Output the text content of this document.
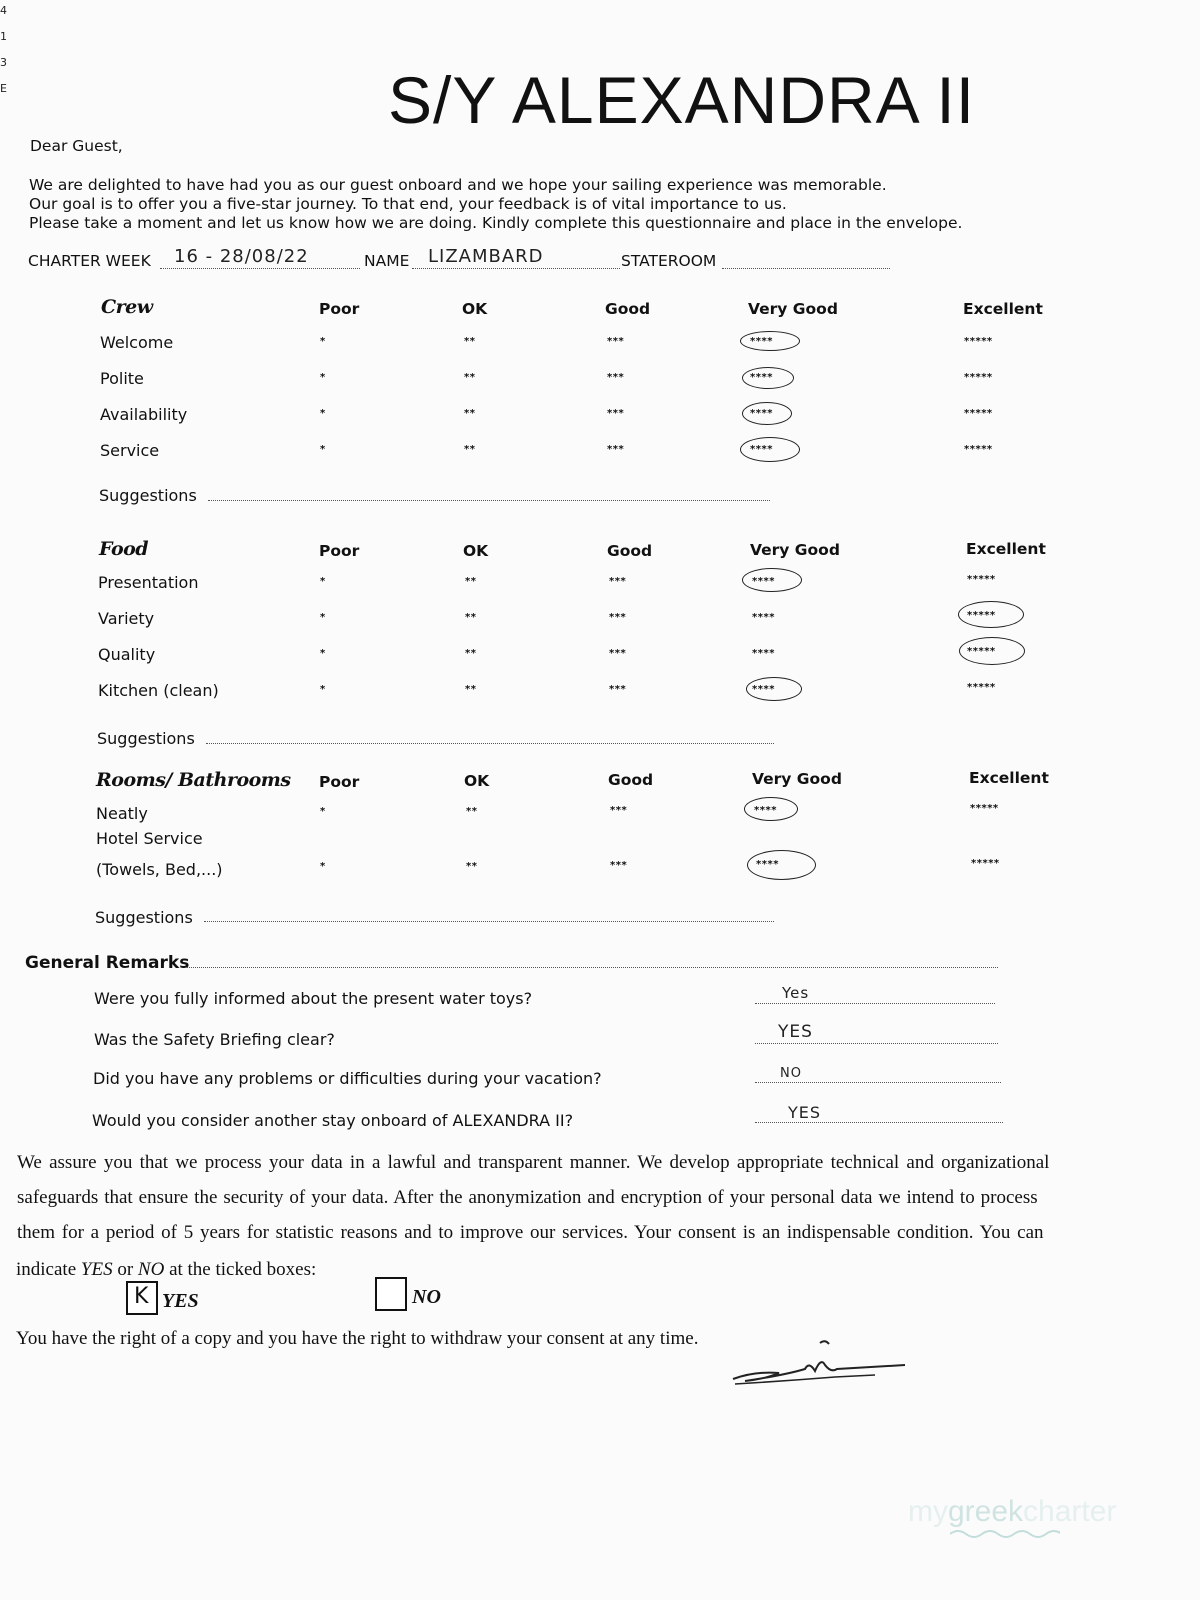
4
1
3
E	S/Y ALEXANDRA II
Dear Guest,
We are delighted to have had you as our guest onboard and we hope your sailing experience was memorable.
Our goal is to offer you a five-star journey. To that end, your feedback is of vital importance to us.
Please take a moment and let us know how we are doing. Kindly complete this questionnaire and place in the envelope.
CHARTER WEEK 16 - 28/08/22	NAME LIZAMBARD	STATEROOM
Crew	Poor	OK	Good	Very Good	Excellent
Welcome	*	**	***	****	*****
Polite	*	**	***	****	*****
Availability	*	**	***	****	*****
Service	*	**	***	****	*****
Suggestions
Food	Poor	OK	Good	Very Good	Excellent
Presentation	*	**	***	****	*****
Variety	*	**	***	****	*****
Quality	*	**	***	****	*****
Kitchen (clean)	*	**	***	****	*****
Suggestions
Rooms/ Bathrooms Poor	OK	Good	Very Good	Excellent
Neatly	*	**	***	****	*****
Hotel Service
(Towels, Bed,...)	*	**	***	****	*****
Suggestions
General Remarks
Were you fully informed about the present water toys?	Yes
Was the Safety Briefing clear?	YES
Did you have any problems or difficulties during your vacation?	NO
Would you consider another stay onboard of ALEXANDRA II?	YES
We assure you that we process your data in a lawful and transparent manner. We develop appropriate technical and organizational
safeguards that ensure the security of your data. After the anonymization and encryption of your personal data we intend to process
them for a period of 5 years for statistic reasons and to improve our services. Your consent is an indispensable condition. You can
indicate YES or NO at the ticked boxes:
K YES	NO
You have the right of a copy and you have the right to withdraw your consent at any time.
mygreekcharter
